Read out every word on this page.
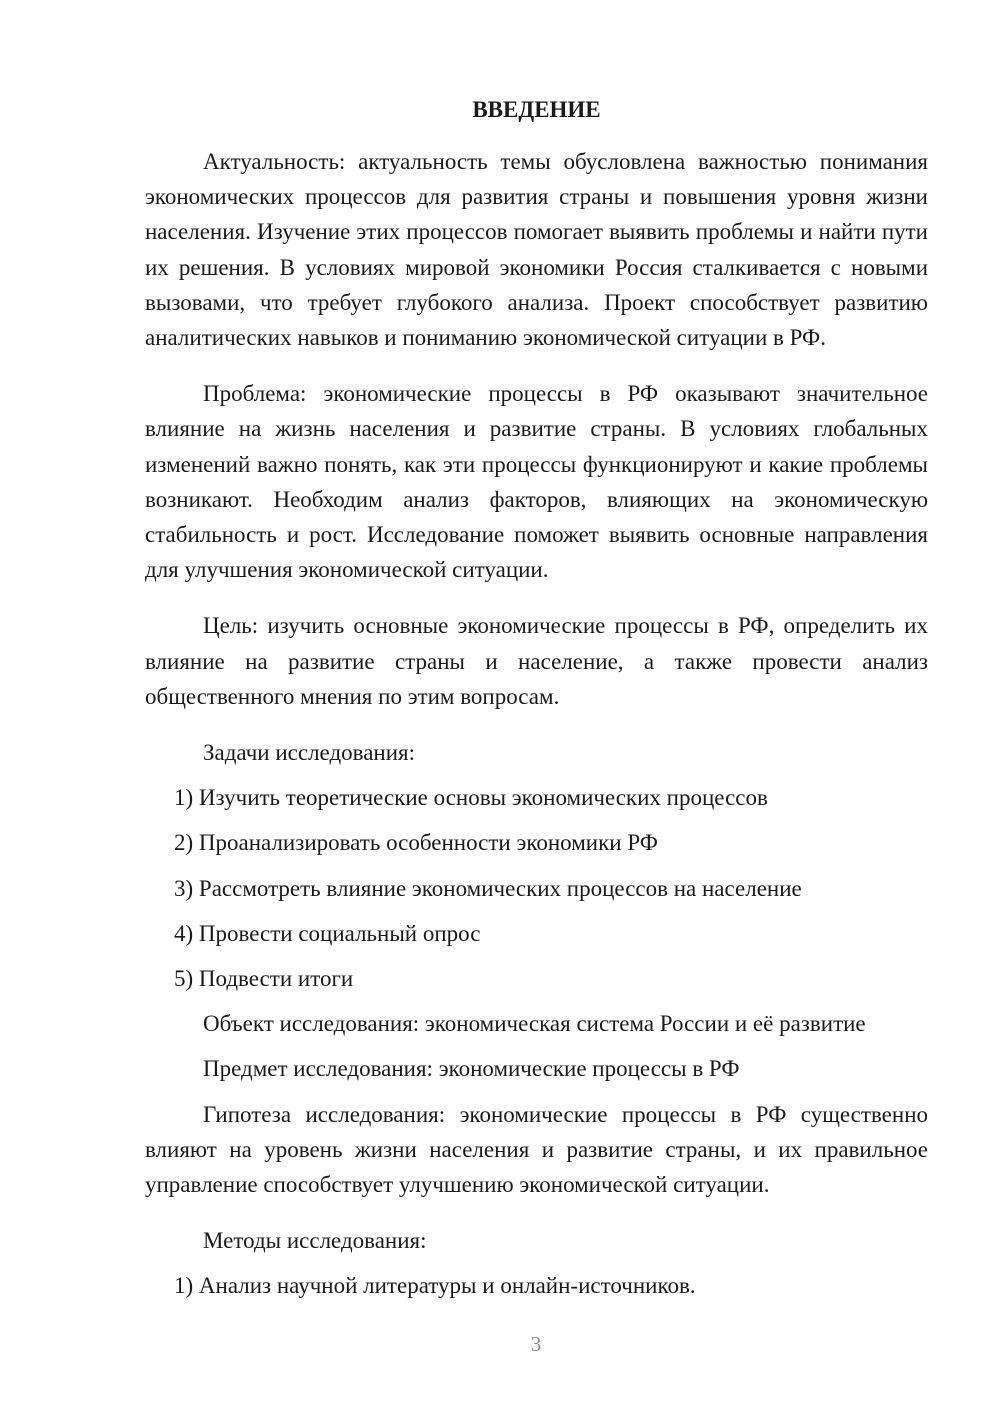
ВВЕДЕНИЕ

Актуальность: актуальность темы обусловлена важностью понимания экономических процессов для развития страны и повышения уровня жизни населения. Изучение этих процессов помогает выявить проблемы и найти пути их решения. В условиях мировой экономики Россия сталкивается с новыми вызовами, что требует глубокого анализа. Проект способствует развитию аналитических навыков и пониманию экономической ситуации в РФ.

Проблема: экономические процессы в РФ оказывают значительное влияние на жизнь населения и развитие страны. В условиях глобальных изменений важно понять, как эти процессы функционируют и какие проблемы возникают. Необходим анализ факторов, влияющих на экономическую стабильность и рост. Исследование поможет выявить основные направления для улучшения экономической ситуации.

Цель: изучить основные экономические процессы в РФ, определить их влияние на развитие страны и население, а также провести анализ общественного мнения по этим вопросам.

Задачи исследования:

1) Изучить теоретические основы экономических процессов

2) Проанализировать особенности экономики РФ

3) Рассмотреть влияние экономических процессов на население

4) Провести социальный опрос

5) Подвести итоги

Объект исследования: экономическая система России и её развитие

Предмет исследования: экономические процессы в РФ

Гипотеза исследования: экономические процессы в РФ существенно влияют на уровень жизни населения и развитие страны, и их правильное управление способствует улучшению экономической ситуации.

Методы исследования:

1) Анализ научной литературы и онлайн-источников.

3
